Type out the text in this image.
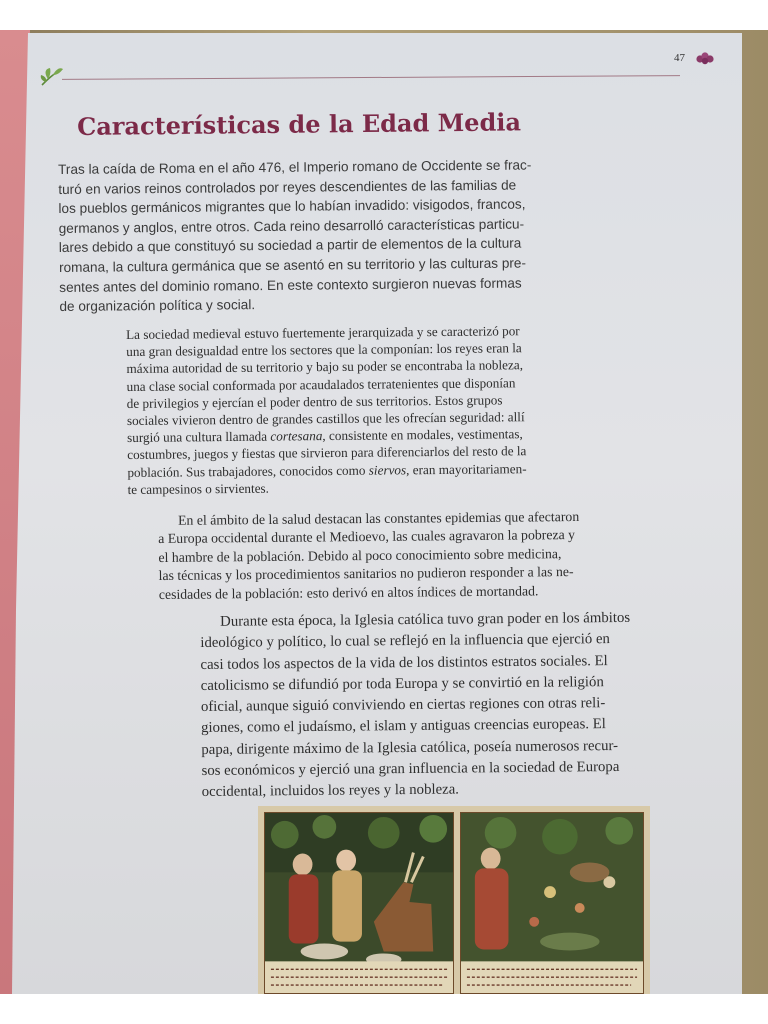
47
Características de la Edad Media
Tras la caída de Roma en el año 476, el Imperio romano de Occidente se frac-
turó en varios reinos controlados por reyes descendientes de las familias de
los pueblos germánicos migrantes que lo habían invadido: visigodos, francos,
germanos y anglos, entre otros. Cada reino desarrolló características particu-
lares debido a que constituyó su sociedad a partir de elementos de la cultura
romana, la cultura germánica que se asentó en su territorio y las culturas pre-
sentes antes del dominio romano. En este contexto surgieron nuevas formas
de organización política y social.
La sociedad medieval estuvo fuertemente jerarquizada y se caracterizó por
una gran desigualdad entre los sectores que la componían: los reyes eran la
máxima autoridad de su territorio y bajo su poder se encontraba la nobleza,
una clase social conformada por acaudalados terratenientes que disponían
de privilegios y ejercían el poder dentro de sus territorios. Estos grupos
sociales vivieron dentro de grandes castillos que les ofrecían seguridad: allí
surgió una cultura llamada cortesana, consistente en modales, vestimentas,
costumbres, juegos y fiestas que sirvieron para diferenciarlos del resto de la
población. Sus trabajadores, conocidos como siervos, eran mayoritariamen-
te campesinos o sirvientes.
En el ámbito de la salud destacan las constantes epidemias que afectaron
a Europa occidental durante el Medioevo, las cuales agravaron la pobreza y
el hambre de la población. Debido al poco conocimiento sobre medicina,
las técnicas y los procedimientos sanitarios no pudieron responder a las ne-
cesidades de la población: esto derivó en altos índices de mortandad.
Durante esta época, la Iglesia católica tuvo gran poder en los ámbitos
ideológico y político, lo cual se reflejó en la influencia que ejerció en
casi todos los aspectos de la vida de los distintos estratos sociales. El
catolicismo se difundió por toda Europa y se convirtió en la religión
oficial, aunque siguió conviviendo en ciertas regiones con otras reli-
giones, como el judaísmo, el islam y antiguas creencias europeas. El
papa, dirigente máximo de la Iglesia católica, poseía numerosos recur-
sos económicos y ejerció una gran influencia en la sociedad de Europa
occidental, incluidos los reyes y la nobleza.
